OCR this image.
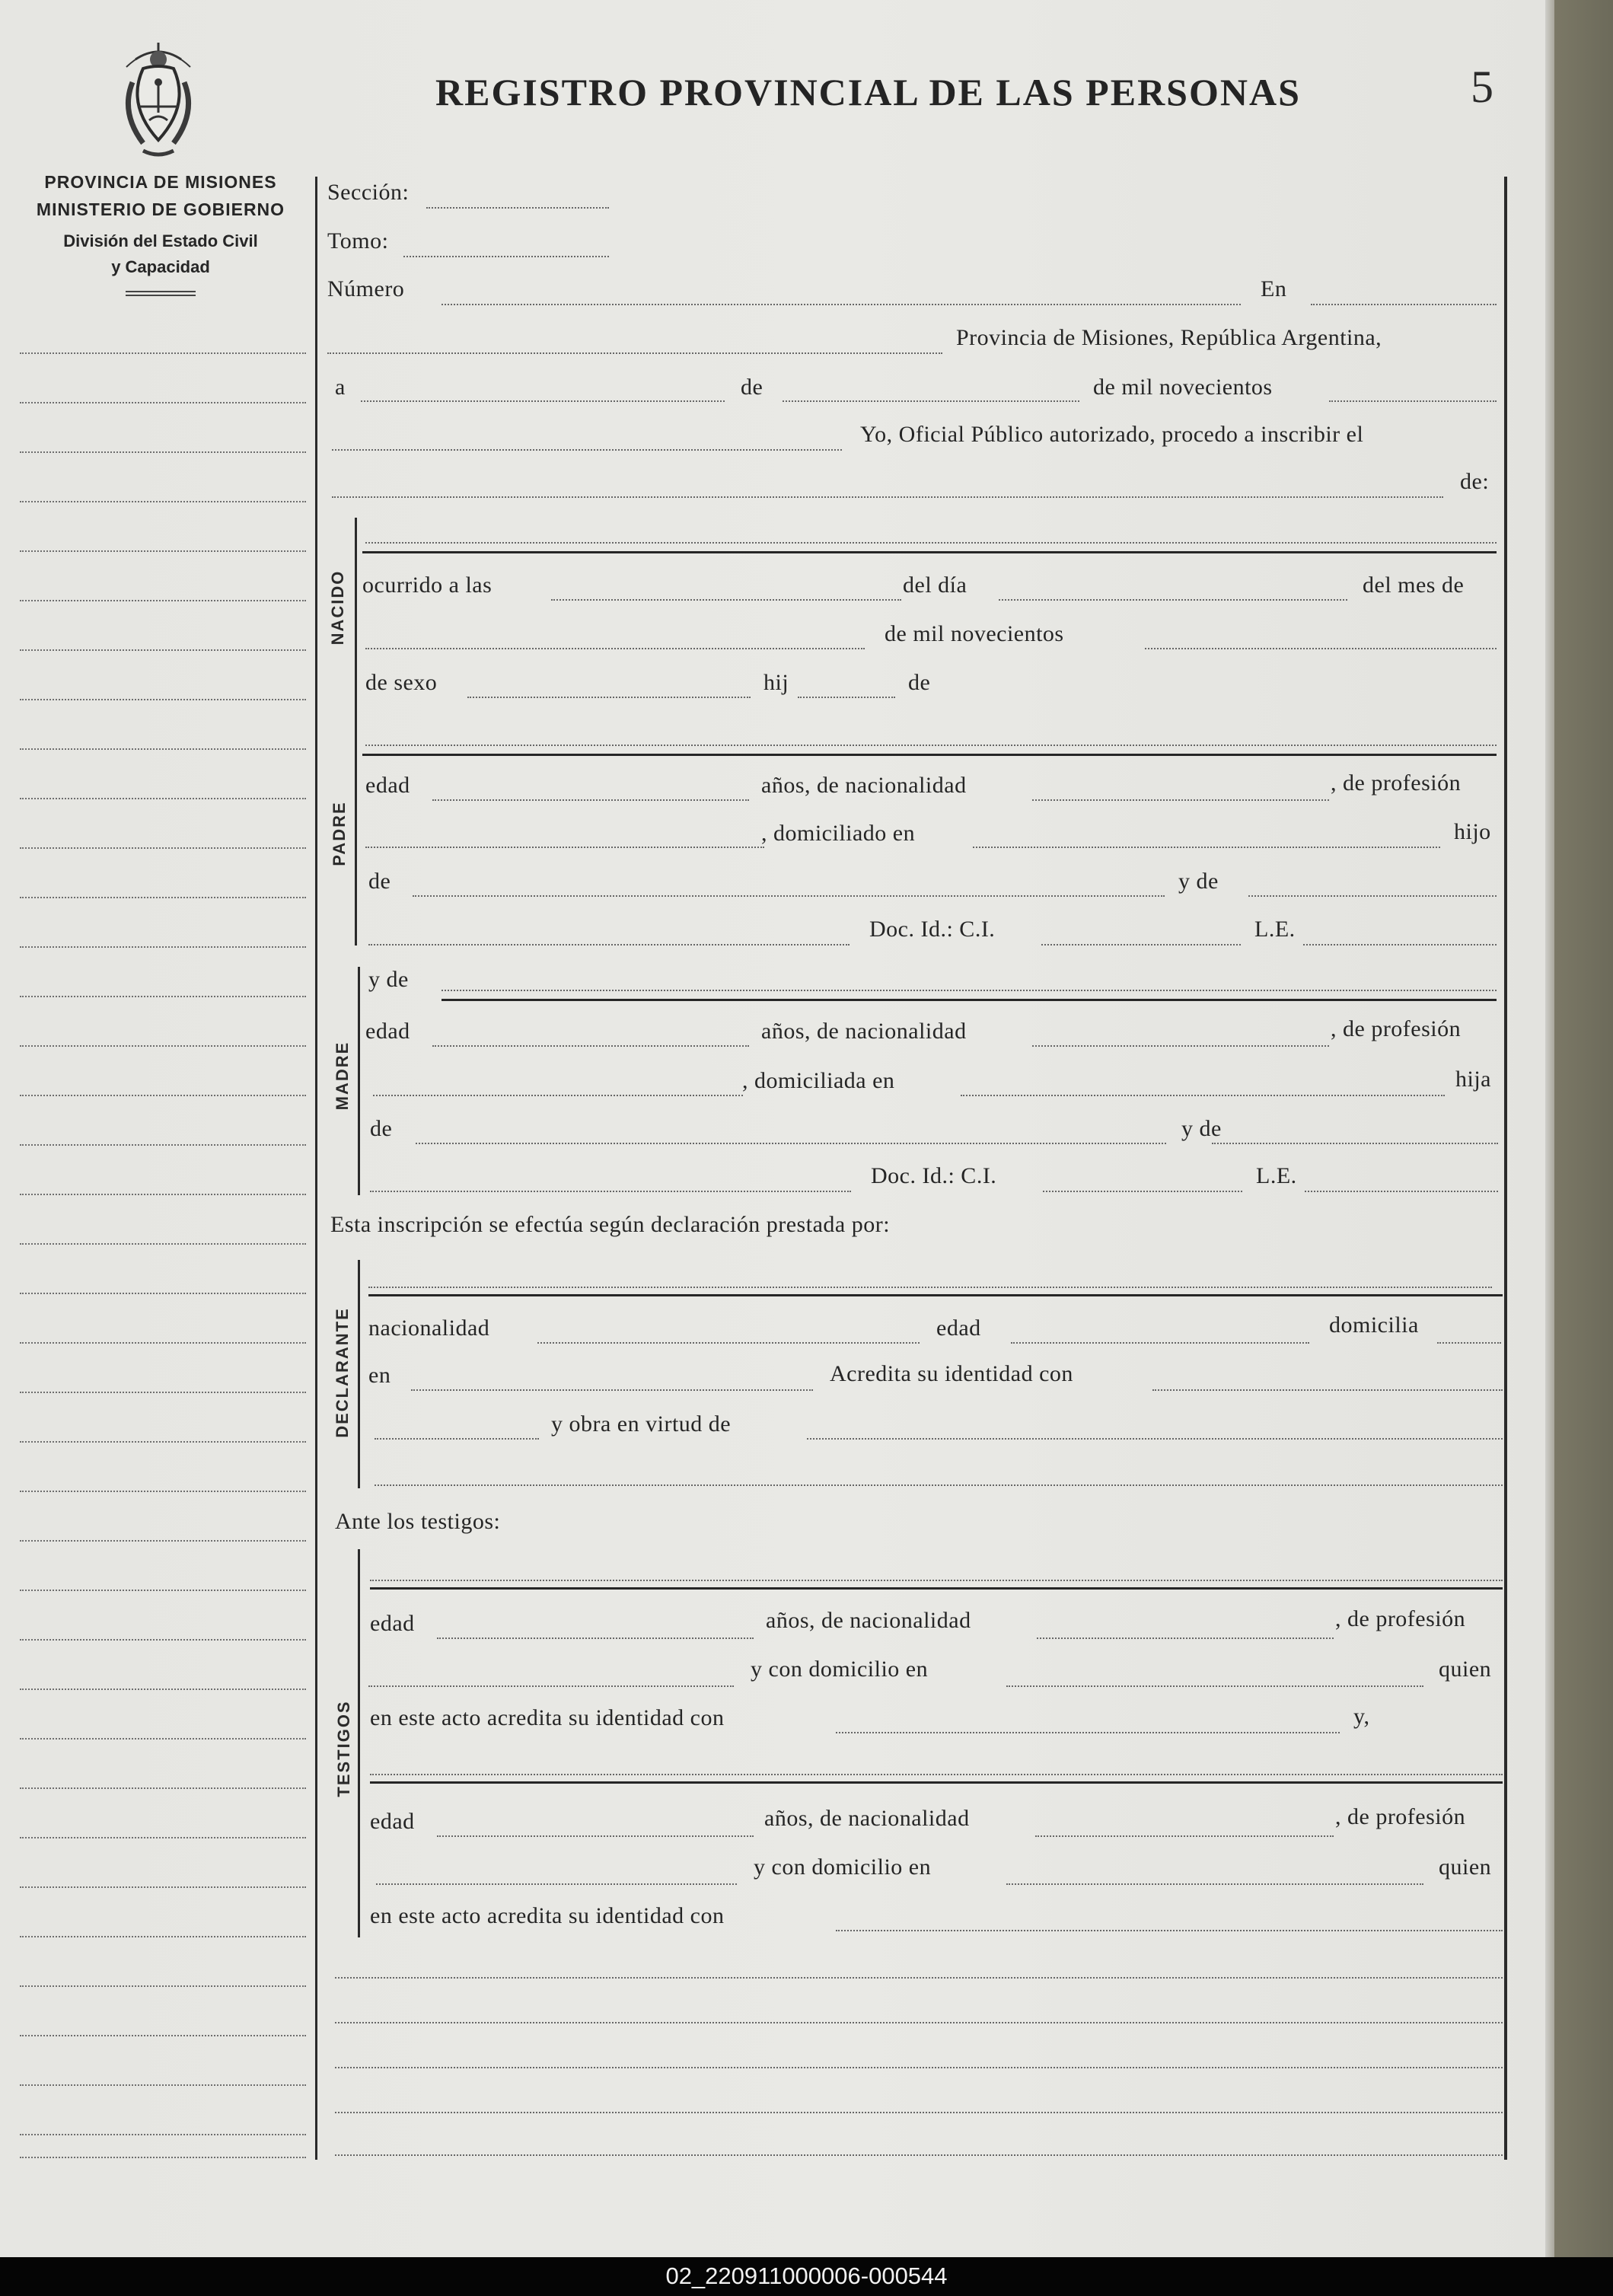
REGISTRO PROVINCIAL DE LAS PERSONAS	5
PROVINCIA DE MISIONES
MINISTERIO DE GOBIERNO
División del Estado Civil
y Capacidad
NACIDO
PADRE
MADRE
DECLARANTE
TESTIGOS
Sección:
Tomo:
Número	En
Provincia de Misiones, República Argentina,
a	de	de mil novecientos
Yo, Oficial Público autorizado, procedo a inscribir el
de:
ocurrido a las	del día	del mes de
de mil novecientos
de sexo	hij	de
edad	años, de nacionalidad	, de profesión
, domiciliado en	hijo
de	y de
Doc. Id.: C.I.	L.E.
y de
edad	años, de nacionalidad	, de profesión
, domiciliada en	hija
de	y de
Doc. Id.: C.I.	L.E.
Esta inscripción se efectúa según declaración prestada por:
nacionalidad	edad	domicilia
en	Acredita su identidad con
y obra en virtud de
Ante los testigos:
edad	años, de nacionalidad	, de profesión
y con domicilio en	quien
en este acto acredita su identidad con	y,
edad	años, de nacionalidad	, de profesión
y con domicilio en	quien
en este acto acredita su identidad con
02_220911000006-000544
